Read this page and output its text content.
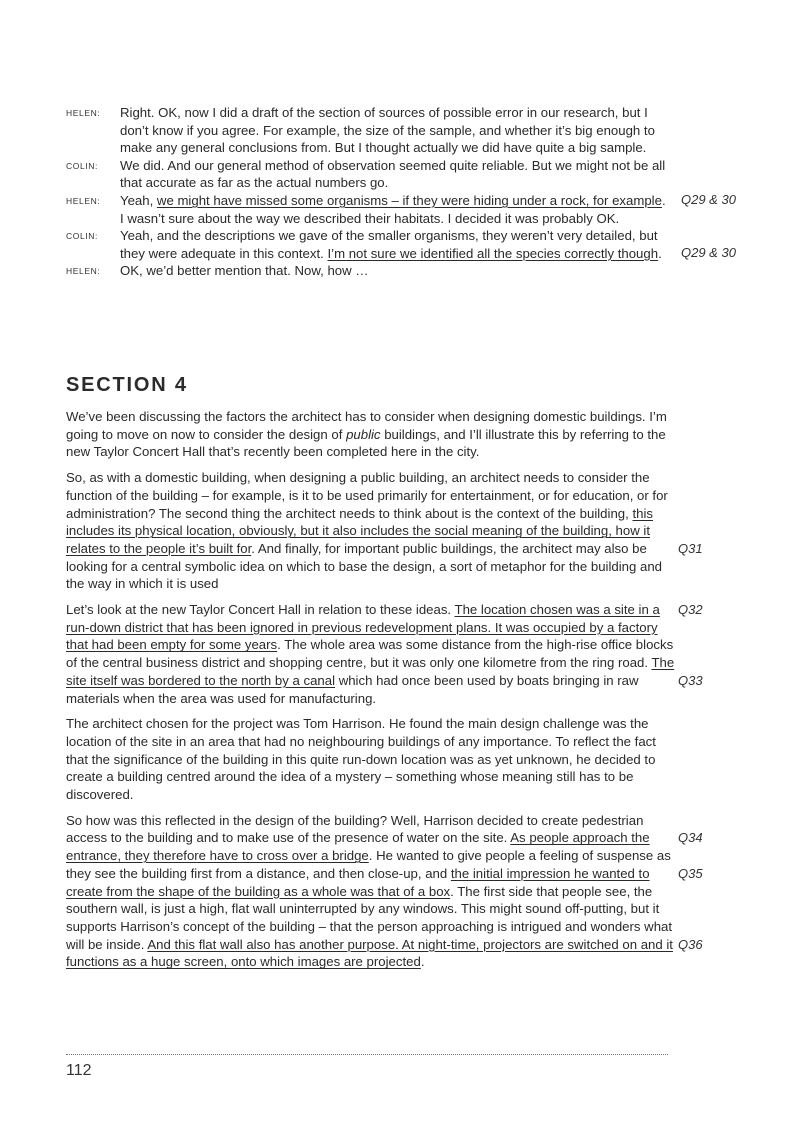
HELEN:	Right. OK, now I did a draft of the section of sources of possible error in our research, but I don’t know if you agree. For example, the size of the sample, and whether it’s big enough to make any general conclusions from. But I thought actually we did have quite a big sample.
COLIN:	We did. And our general method of observation seemed quite reliable. But we might not be all that accurate as far as the actual numbers go.
HELEN:	Yeah, we might have missed some organisms – if they were hiding under a rock, for example. I wasn’t sure about the way we described their habitats. I decided it was probably OK.
Q29 & 30
COLIN:	Yeah, and the descriptions we gave of the smaller organisms, they weren’t very detailed, but they were adequate in this context. I’m not sure we identified all the species correctly though.	Q29 & 30
HELEN:	OK, we’d better mention that. Now, how …
SECTION 4

We’ve been discussing the factors the architect has to consider when designing domestic buildings. I’m going to move on now to consider the design of public buildings, and I’ll illustrate this by referring to the new Taylor Concert Hall that’s recently been completed here in the city.

So, as with a domestic building, when designing a public building, an architect needs to consider the function of the building – for example, is it to be used primarily for entertainment, or for education, or for administration? The second thing the architect needs to think about is the context of the building, this includes its physical location, obviously, but it also includes the social meaning of the building, how it relates to the people it’s built for. And finally, for important public buildings, the architect may also be looking for a central symbolic idea on which to base the design, a sort of metaphor for the building and the way in which it is used
Q31

Let’s look at the new Taylor Concert Hall in relation to these ideas. The location chosen was a site in a run-down district that has been ignored in previous redevelopment plans. It was occupied by a factory that had been empty for some years. The whole area was some distance from the high-rise office blocks of the central business district and shopping centre, but it was only one kilometre from the ring road. The site itself was bordered to the north by a canal which had once been used by boats bringing in raw materials when the area was used for manufacturing.
Q32
Q33

The architect chosen for the project was Tom Harrison. He found the main design challenge was the location of the site in an area that had no neighbouring buildings of any importance. To reflect the fact that the significance of the building in this quite run-down location was as yet unknown, he decided to create a building centred around the idea of a mystery – something whose meaning still has to be discovered.

So how was this reflected in the design of the building? Well, Harrison decided to create pedestrian access to the building and to make use of the presence of water on the site. As people approach the entrance, they therefore have to cross over a bridge. He wanted to give people a feeling of suspense as they see the building first from a distance, and then close-up, and the initial impression he wanted to create from the shape of the building as a whole was that of a box. The first side that people see, the southern wall, is just a high, flat wall uninterrupted by any windows. This might sound off-putting, but it supports Harrison’s concept of the building – that the person approaching is intrigued and wonders what will be inside. And this flat wall also has another purpose. At night-time, projectors are switched on and it functions as a huge screen, onto which images are projected.
Q34
Q35
Q36

112
